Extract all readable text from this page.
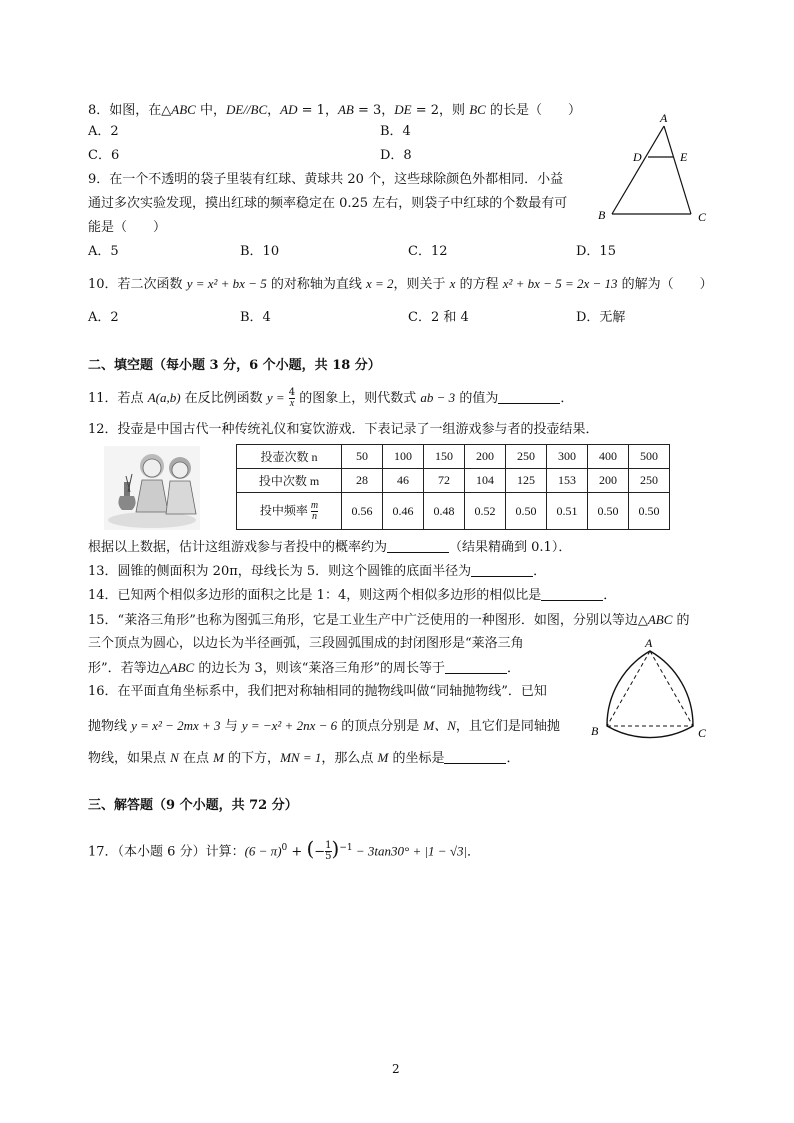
8．如图，在△ABC 中，DE//BC，AD = 1，AB = 3，DE = 2，则 BC 的长是（　　）
A．2	B．4
C．6	D．8
A
D	E
B	C
9．在一个不透明的袋子里装有红球、黄球共 20 个，这些球除颜色外都相同．小益
通过多次实验发现，摸出红球的频率稳定在 0.25 左右，则袋子中红球的个数最有可
能是（　　）
A．5	B．10	C．12	D．15
10．若二次函数 y = x² + bx − 5 的对称轴为直线 x = 2，则关于 x 的方程 x² + bx − 5 = 2x − 13 的解为（　　）
A．2	B．4	C．2 和 4	D．无解
二、填空题（每小题 3 分，6 个小题，共 18 分）
11．若点 A(a,b) 在反比例函数 $y = \frac{4}{x}$ 的图象上，则代数式 ab − 3 的值为	．
12．投壶是中国古代一种传统礼仪和宴饮游戏．下表记录了一组游戏参与者的投壶结果．
投壶次数 n	50	100	150	200	250	300	400	500
投中次数 m	28	46	72	104	125	153	200	250
投中频率 $\frac{m}{n}$	0.56	0.46	0.48	0.52	0.50	0.51	0.50	0.50
根据以上数据，估计这组游戏参与者投中的概率约为	（结果精确到 0.1）．
13．圆锥的侧面积为 20π，母线长为 5．则这个圆锥的底面半径为	．
14．已知两个相似多边形的面积之比是 1：4，则这两个相似多边形的相似比是	．
15．“莱洛三角形”也称为图弧三角形，它是工业生产中广泛使用的一种图形．如图，分别以等边△ABC 的
三个顶点为圆心，以边长为半径画弧，三段圆弧围成的封闭图形是“莱洛三角
形”．若等边△ABC 的边长为 3，则该“莱洛三角形”的周长等于	．
A
B	C
16．在平面直角坐标系中，我们把对称轴相同的抛物线叫做“同轴抛物线”．已知
抛物线 y = x² − 2mx + 3 与 y = −x² + 2nx − 6 的顶点分别是 M、N，且它们是同轴抛
物线，如果点 N 在点 M 的下方，MN = 1，那么点 M 的坐标是	．
三、解答题（9 个小题，共 72 分）
17．（本小题 6 分）计算：$(6 - \pi)^0$ + (− $\frac{1}{5} )^{-1} - 3\tan 30^\circ + |1 - √3|$．
2
